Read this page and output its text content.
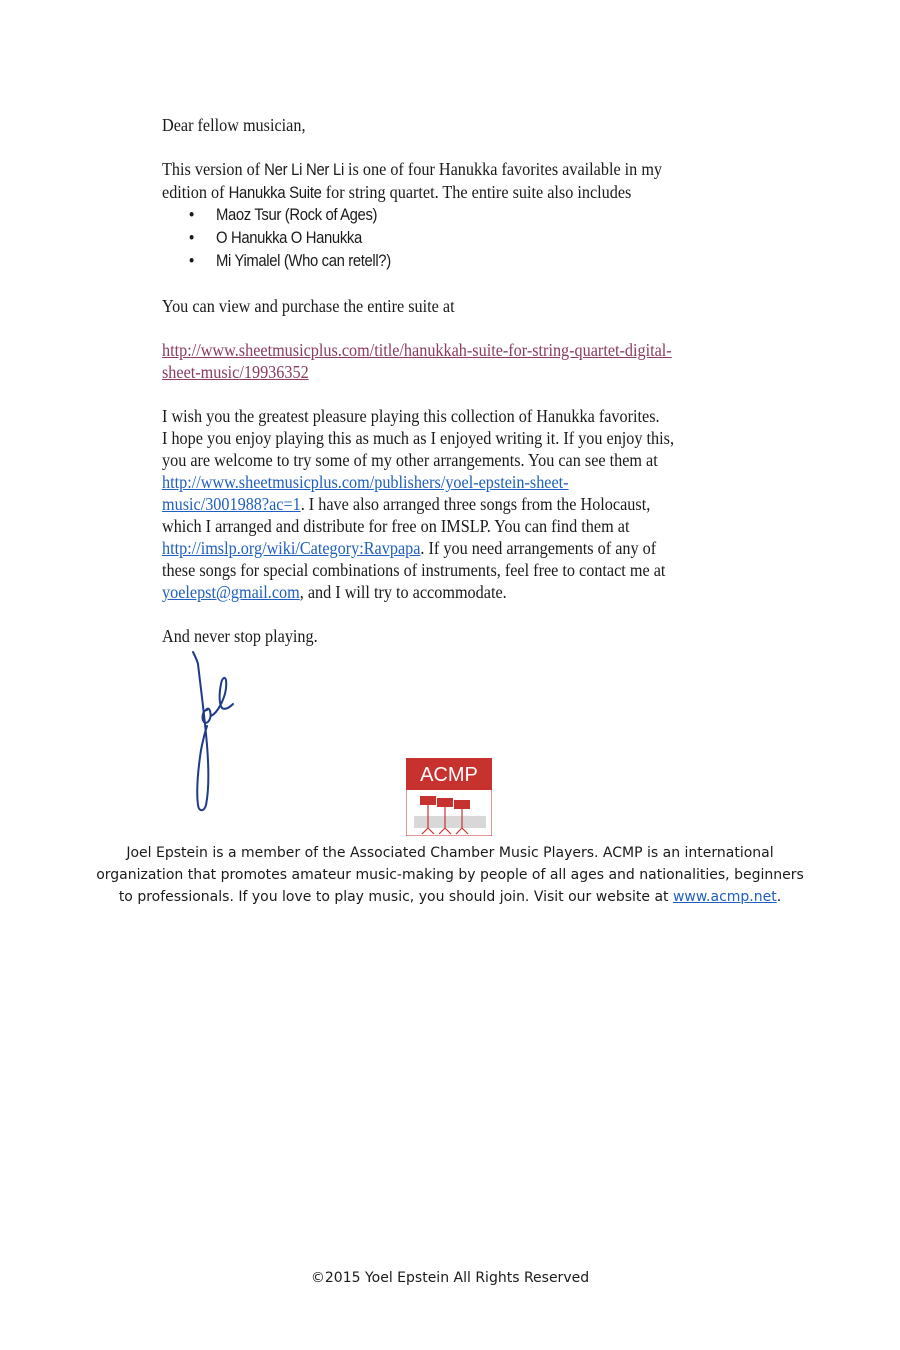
Dear fellow musician,

This version of Ner Li Ner Li is one of four Hanukka favorites available in my
edition of Hanukka Suite for string quartet. The entire suite also includes

• Maoz Tsur (Rock of Ages)
• O Hanukka O Hanukka
• Mi Yimalel (Who can retell?)

You can view and purchase the entire suite at

http://www.sheetmusicplus.com/title/hanukkah-suite-for-string-quartet-digital-
sheet-music/19936352

I wish you the greatest pleasure playing this collection of Hanukka favorites.
I hope you enjoy playing this as much as I enjoyed writing it. If you enjoy this,
you are welcome to try some of my other arrangements. You can see them at
http://www.sheetmusicplus.com/publishers/yoel-epstein-sheet-
music/3001988?ac=1. I have also arranged three songs from the Holocaust,
which I arranged and distribute for free on IMSLP. You can find them at
http://imslp.org/wiki/Category:Ravpapa. If you need arrangements of any of
these songs for special combinations of instruments, feel free to contact me at
yoelepst@gmail.com, and I will try to accommodate.

And never stop playing.

ACMP
Joel Epstein is a member of the Associated Chamber Music Players. ACMP is an international
organization that promotes amateur music-making by people of all ages and nationalities, beginners
to professionals. If you love to play music, you should join. Visit our website at www.acmp.net.
©2015 Yoel Epstein All Rights Reserved
